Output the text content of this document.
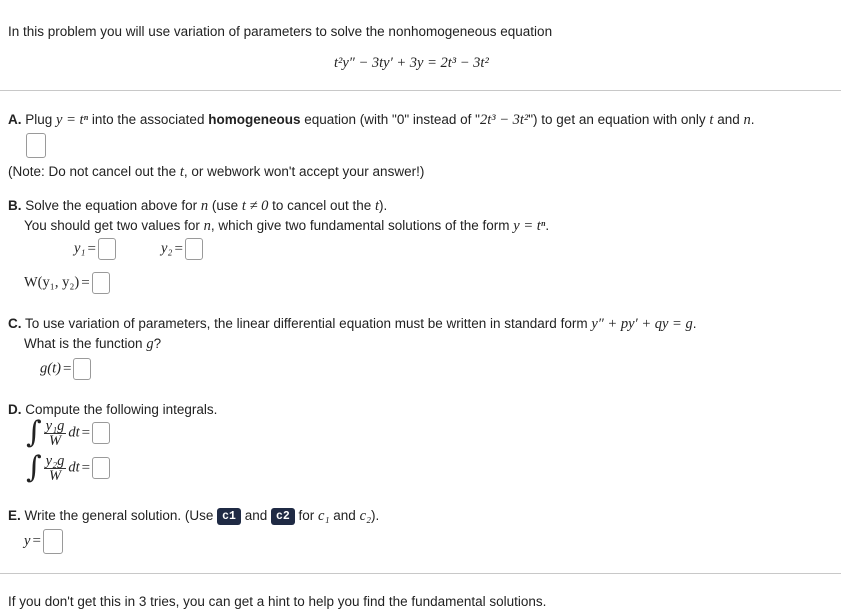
In this problem you will use variation of parameters to solve the nonhomogeneous equation
t²y″ − 3ty′ + 3y = 2t³ − 3t²
A. Plug y = tⁿ into the associated homogeneous equation (with "0" instead of "2t³ − 3t²") to get an equation with only t and n.
(Note: Do not cancel out the t, or webwork won't accept your answer!)
B. Solve the equation above for n (use t ≠ 0 to cancel out the t).
You should get two values for n, which give two fundamental solutions of the form y = tⁿ.
y₁ =	y₂ =
W(y₁, y₂) =
C. To use variation of parameters, the linear differential equation must be written in standard form y″ + py′ + qy = g.
What is the function g?
g(t) =
D. Compute the following integrals.
∫ $\frac{\text{y₁g}}{W}$ dt =
∫ $\frac{\text{y₂g}}{W}$ dt =
E. Write the general solution. (Use c1 and c2 for c₁ and c₂).
y =
If you don't get this in 3 tries, you can get a hint to help you find the fundamental solutions.
